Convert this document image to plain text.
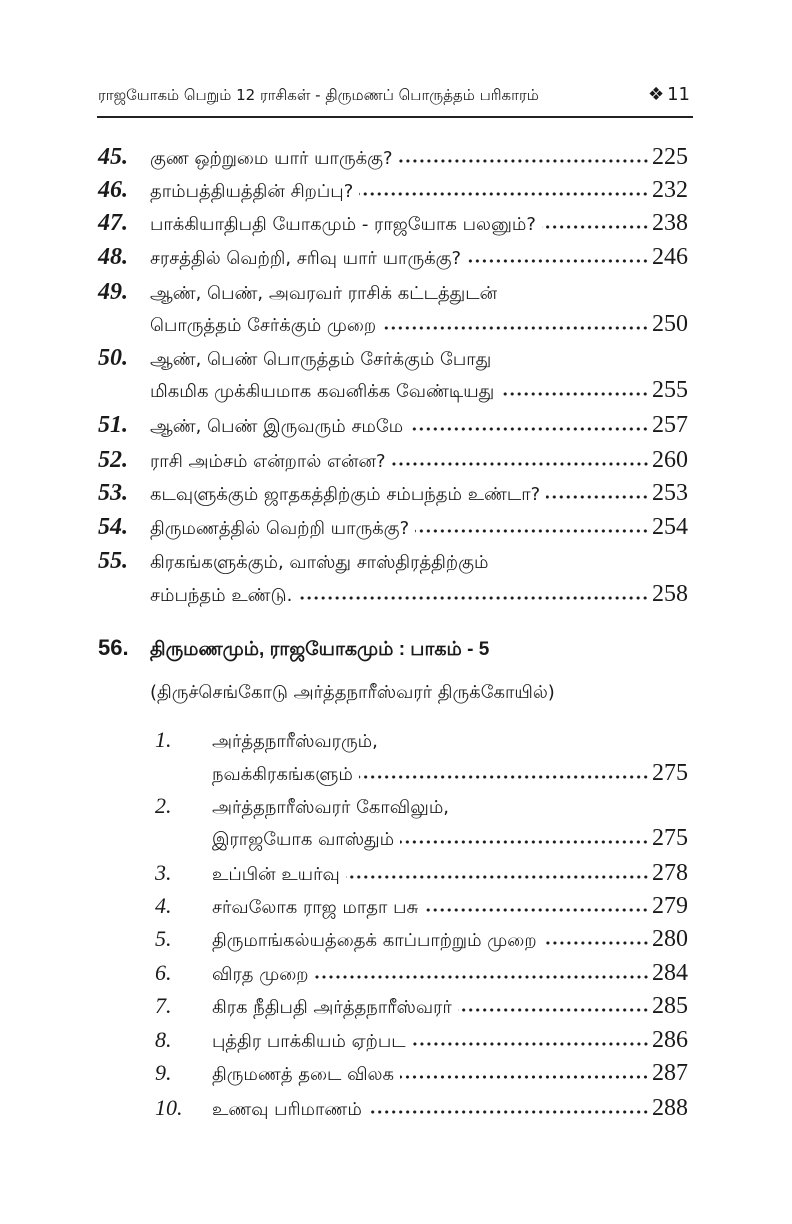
ராஜயோகம் பெறும் 12 ராசிகள் - திருமணப் பொருத்தம் பரிகாரம்	❖ 11
45.	குண ஒற்றுமை யார் யாருக்கு?	225
46.	தாம்பத்தியத்தின் சிறப்பு?	232
47.	பாக்கியாதிபதி யோகமும் - ராஜயோக பலனும்?	238
48.	சரசத்தில் வெற்றி, சரிவு யார் யாருக்கு?	246
49.	ஆண், பெண், அவரவர் ராசிக் கட்டத்துடன்
பொருத்தம் சேர்க்கும் முறை	250
50.	ஆண், பெண் பொருத்தம் சேர்க்கும் போது
மிகமிக முக்கியமாக கவனிக்க வேண்டியது	255
51.	ஆண், பெண் இருவரும் சமமே	257
52.	ராசி அம்சம் என்றால் என்ன?	260
53.	கடவுளுக்கும் ஜாதகத்திற்கும் சம்பந்தம் உண்டா?	253
54.	திருமணத்தில் வெற்றி யாருக்கு?	254
55.	கிரகங்களுக்கும், வாஸ்து சாஸ்திரத்திற்கும்
சம்பந்தம் உண்டு.	258
56.	திருமணமும், ராஜயோகமும் : பாகம் - 5
(திருச்செங்கோடு அர்த்தநாரீஸ்வரர் திருக்கோயில்)
1.	அர்த்தநாரீஸ்வரரும்,
நவக்கிரகங்களும்	275
2.	அர்த்தநாரீஸ்வரர் கோவிலும்,
இராஜயோக வாஸ்தும்	275
3.	உப்பின் உயர்வு	278
4.	சர்வலோக ராஜ மாதா பசு	279
5.	திருமாங்கல்யத்தைக் காப்பாற்றும் முறை	280
6.	விரத முறை	284
7.	கிரக நீதிபதி அர்த்தநாரீஸ்வரர்	285
8.	புத்திர பாக்கியம் ஏற்பட	286
9.	திருமணத் தடை விலக	287
10.	உணவு பரிமாணம்	288
